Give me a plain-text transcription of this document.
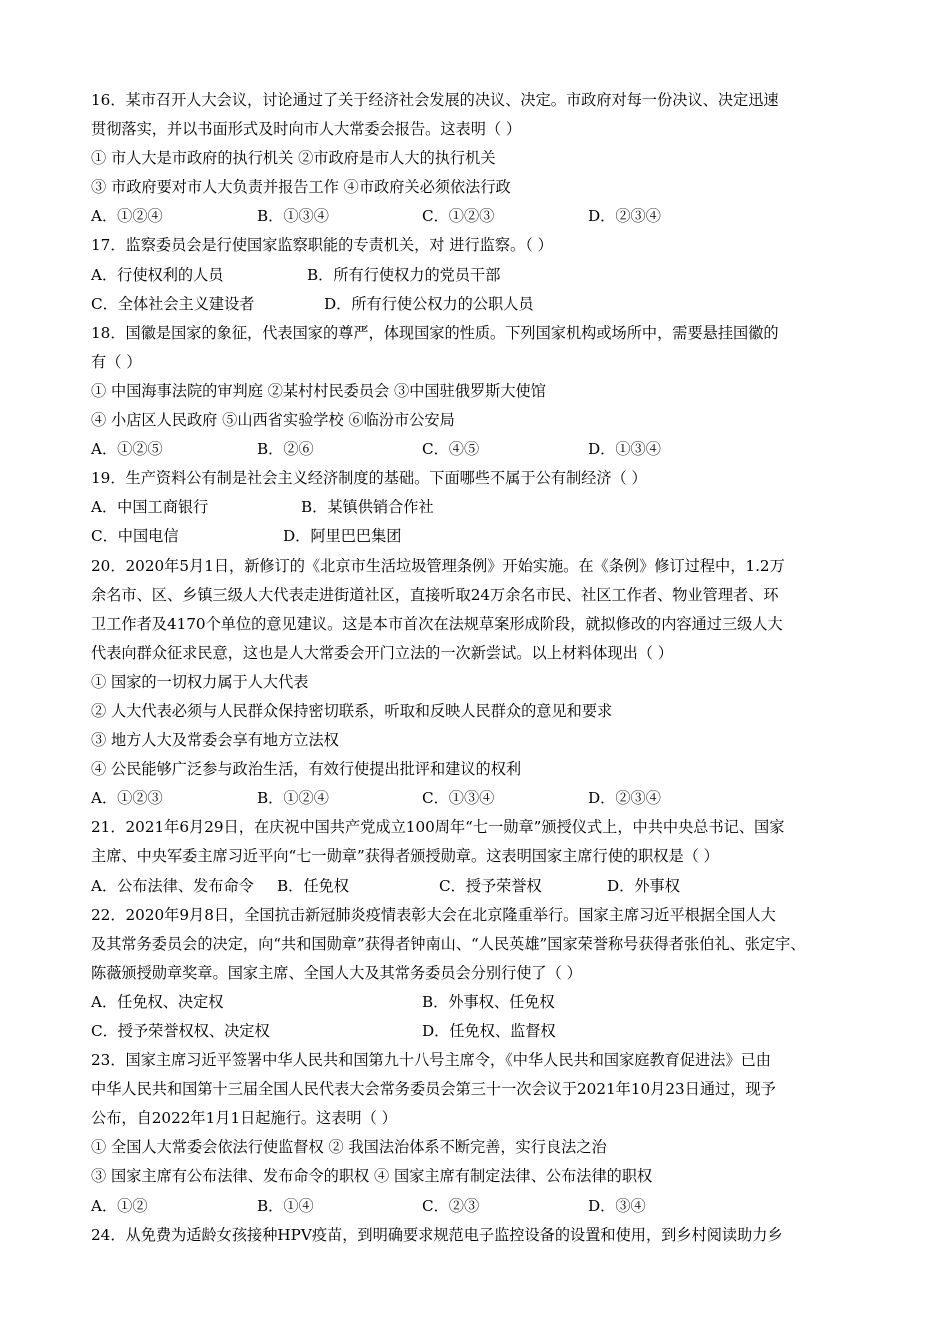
16．某市召开人大会议，讨论通过了关于经济社会发展的决议、决定。市政府对每一份决议、决定迅速
贯彻落实，并以书面形式及时向市人大常委会报告。这表明（ ）
① 市人大是市政府的执行机关 ②市政府是市人大的执行机关
③ 市政府要对市人大负责并报告工作 ④市政府关必须依法行政
A．①②④	B．①③④	C．①②③	D．②③④
17．监察委员会是行使国家监察职能的专责机关，对 进行监察。（ ）
A．行使权利的人员	B．所有行使权力的党员干部
C．全体社会主义建设者	D．所有行使公权力的公职人员
18．国徽是国家的象征，代表国家的尊严，体现国家的性质。下列国家机构或场所中，需要悬挂国徽的
有（ ）
① 中国海事法院的审判庭 ②某村村民委员会 ③中国驻俄罗斯大使馆
④ 小店区人民政府 ⑤山西省实验学校 ⑥临汾市公安局
A．①②⑤	B．②⑥	C．④⑤	D．①③④
19．生产资料公有制是社会主义经济制度的基础。下面哪些不属于公有制经济（ ）
A．中国工商银行	B．某镇供销合作社
C．中国电信	D．阿里巴巴集团
20．2020年5月1日，新修订的《北京市生活垃圾管理条例》开始实施。在《条例》修订过程中，1.2万
余名市、区、乡镇三级人大代表走进街道社区，直接听取24万余名市民、社区工作者、物业管理者、环
卫工作者及4170个单位的意见建议。这是本市首次在法规草案形成阶段，就拟修改的内容通过三级人大
代表向群众征求民意，这也是人大常委会开门立法的一次新尝试。以上材料体现出（ ）
① 国家的一切权力属于人大代表
② 人大代表必须与人民群众保持密切联系，听取和反映人民群众的意见和要求
③ 地方人大及常委会享有地方立法权
④ 公民能够广泛参与政治生活，有效行使提出批评和建议的权利
A．①②③	B．①②④	C．①③④	D．②③④
21．2021年6月29日，在庆祝中国共产党成立100周年“七一勋章”颁授仪式上，中共中央总书记、国家
主席、中央军委主席习近平向“七一勋章”获得者颁授勋章。这表明国家主席行使的职权是（ ）
A．公布法律、发布命令 B．任免权	C．授予荣誉权	D．外事权
22．2020年9月8日，全国抗击新冠肺炎疫情表彰大会在北京隆重举行。国家主席习近平根据全国人大
及其常务委员会的决定，向“共和国勋章”获得者钟南山、“人民英雄”国家荣誉称号获得者张伯礼、张定宇、
陈薇颁授勋章奖章。国家主席、全国人大及其常务委员会分别行使了（ ）
A．任免权、决定权	B．外事权、任免权
C．授予荣誉权权、决定权	D．任免权、监督权
23．国家主席习近平签署中华人民共和国第九十八号主席令，《中华人民共和国家庭教育促进法》已由
中华人民共和国第十三届全国人民代表大会常务委员会第三十一次会议于2021年10月23日通过，现予
公布，自2022年1月1日起施行。这表明（ ）
① 全国人大常委会依法行使监督权 ② 我国法治体系不断完善，实行良法之治
③ 国家主席有公布法律、发布命令的职权 ④ 国家主席有制定法律、公布法律的职权
A．①②	B．①④	C．②③	D．③④
24．从免费为适龄女孩接种HPV疫苗，到明确要求规范电子监控设备的设置和使用，到乡村阅读助力乡
